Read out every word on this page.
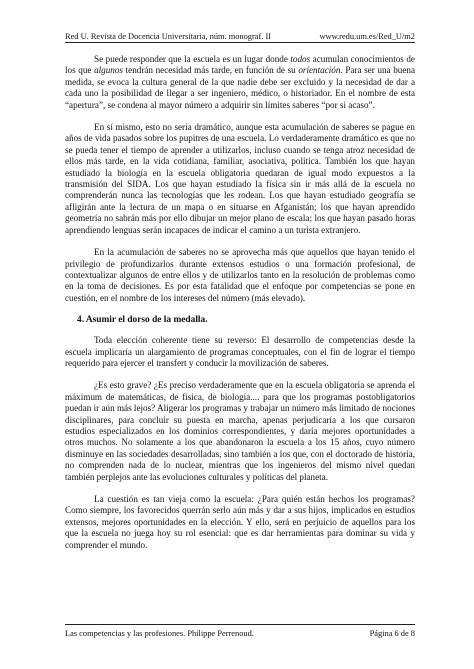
Red U. Revista de Docencia Universitaria, núm. monograf. II	www.redu.um.es/Red_U/m2

Se puede responder que la escuela es un lugar donde todos acumulan conocimientos de los que algunos tendrán necesidad más tarde, en función de su orientación. Para ser una buena medida, se evoca la cultura general de la que nadie debe ser excluido y la necesidad de dar a cada uno la posibilidad de llegar a ser ingeniero, médico, o historiador. En el nombre de esta “apertura”, se condena al mayor número a adquirir sin límites saberes “por si acaso”.

En sí mismo, esto no sería dramático, aunque esta acumulación de saberes se pague en años de vida pasados sobre los pupitres de una escuela. Lo verdaderamente dramático es que no se pueda tener el tiempo de aprender a utilizarlos, incluso cuando se tenga atroz necesidad de ellos más tarde, en la vida cotidiana, familiar, asociativa, política. También los que hayan estudiado la biología en la escuela obligatoria quedaran de igual modo expuestos a la transmisión del SIDA. Los que hayan estudiado la física sin ir más allá de la escuela no comprenderán nunca las tecnologías que les rodean. Los que hayan estudiado geografía se afligirán ante la lectura de un mapa o en situarse en Afganistán; los que hayan aprendido geometría no sabrán más por ello dibujar un mejor plano de escala; los que hayan pasado horas aprendiendo lenguas serán incapaces de indicar el camino a un turista extranjero.

En la acumulación de saberes no se aprovecha más que aquellos que hayan tenido el privilegio de profundizarlos durante extensos estudios o una formación profesional, de contextualizar algunos de entre ellos y de utilizarlos tanto en la resolución de problemas como en la toma de decisiones. Es por esta fatalidad que el enfoque por competencias se pone en cuestión, en el nombre de los intereses del número (más elevado).

4. Asumir el dorso de la medalla.

Toda elección coherente tiene su reverso: El desarrollo de competencias desde la escuela implicaría un alargamiento de programas conceptuales, con el fin de lograr el tiempo requerido para ejercer el transfert y conducir la movilización de saberes.

¿Es esto grave? ¿Es preciso verdaderamente que en la escuela obligatoria se aprenda el máximum de matemáticas, de física, de biología.... para que los programas postobligatorios puedan ir aún más lejos? Aligerar los programas y trabajar un número más limitado de nociones disciplinares, para concluir su puesta en marcha, apenas perjudicaría a los que cursaron estudios especializados en los dominios correspondientes, y daría mejores oportunidades a otros muchos. No solamente a los que abandonaron la escuela a los 15 años, cuyo número disminuye en las sociedades desarrolladas, sino también a los que, con el doctorado de historia, no comprenden nada de lo nuclear, mientras que los ingenieros del mismo nivel quedan también perplejos ante las evoluciones culturales y políticas del planeta.

La cuestión es tan vieja como la escuela: ¿Para quién están hechos los programas? Como siempre, los favorecidos querrán serlo aún más y dar a sus hijos, implicados en estudios extensos, mejores oportunidades en la elección. Y ello, será en perjuicio de aquellos para los que la escuela no juega hoy su rol esencial: que es dar herramientas para dominar su vida y comprender el mundo.

Las competencias y las profesiones. Philippe Perrenoud.	Página 6 de 8
